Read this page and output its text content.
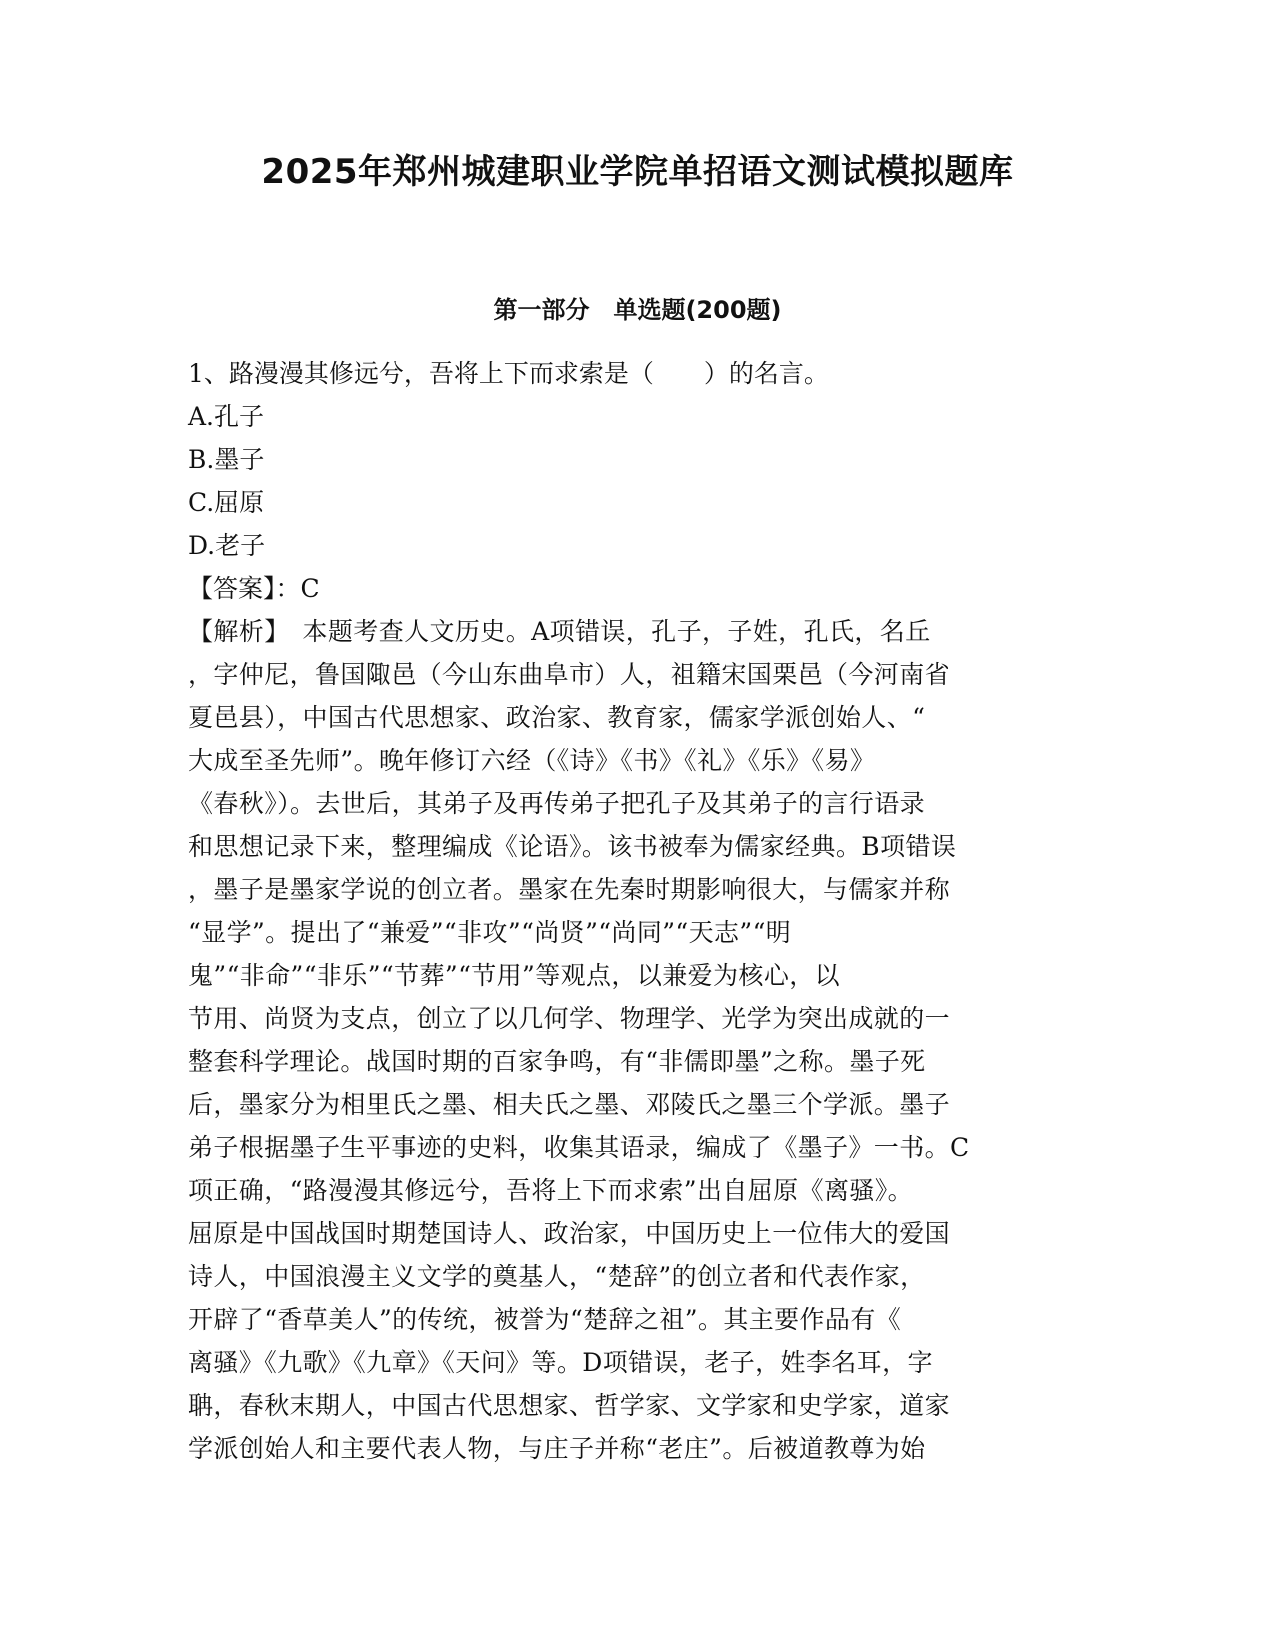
2025年郑州城建职业学院单招语文测试模拟题库
第一部分　单选题(200题)
1、路漫漫其修远兮，吾将上下而求索是（　　）的名言。
A.孔子
B.墨子
C.屈原
D.老子
【答案】：C
【解析】　本题考查人文历史。A项错误，孔子，子姓，孔氏，名丘
，字仲尼，鲁国陬邑（今山东曲阜市）人，祖籍宋国栗邑（今河南省
夏邑县），中国古代思想家、政治家、教育家，儒家学派创始人、“
大成至圣先师”。晚年修订六经（《诗》《书》《礼》《乐》《易》
《春秋》）。去世后，其弟子及再传弟子把孔子及其弟子的言行语录
和思想记录下来，整理编成《论语》。该书被奉为儒家经典。B项错误
，墨子是墨家学说的创立者。墨家在先秦时期影响很大，与儒家并称
“显学”。提出了“兼爱”“非攻”“尚贤”“尚同”“天志”“明
鬼”“非命”“非乐”“节葬”“节用”等观点，以兼爱为核心，以
节用、尚贤为支点，创立了以几何学、物理学、光学为突出成就的一
整套科学理论。战国时期的百家争鸣，有“非儒即墨”之称。墨子死
后，墨家分为相里氏之墨、相夫氏之墨、邓陵氏之墨三个学派。墨子
弟子根据墨子生平事迹的史料，收集其语录，编成了《墨子》一书。C
项正确，“路漫漫其修远兮，吾将上下而求索”出自屈原《离骚》。
屈原是中国战国时期楚国诗人、政治家，中国历史上一位伟大的爱国
诗人，中国浪漫主义文学的奠基人，“楚辞”的创立者和代表作家，
开辟了“香草美人”的传统，被誉为“楚辞之祖”。其主要作品有《
离骚》《九歌》《九章》《天问》等。D项错误，老子，姓李名耳，字
聃，春秋末期人，中国古代思想家、哲学家、文学家和史学家，道家
学派创始人和主要代表人物，与庄子并称“老庄”。后被道教尊为始
